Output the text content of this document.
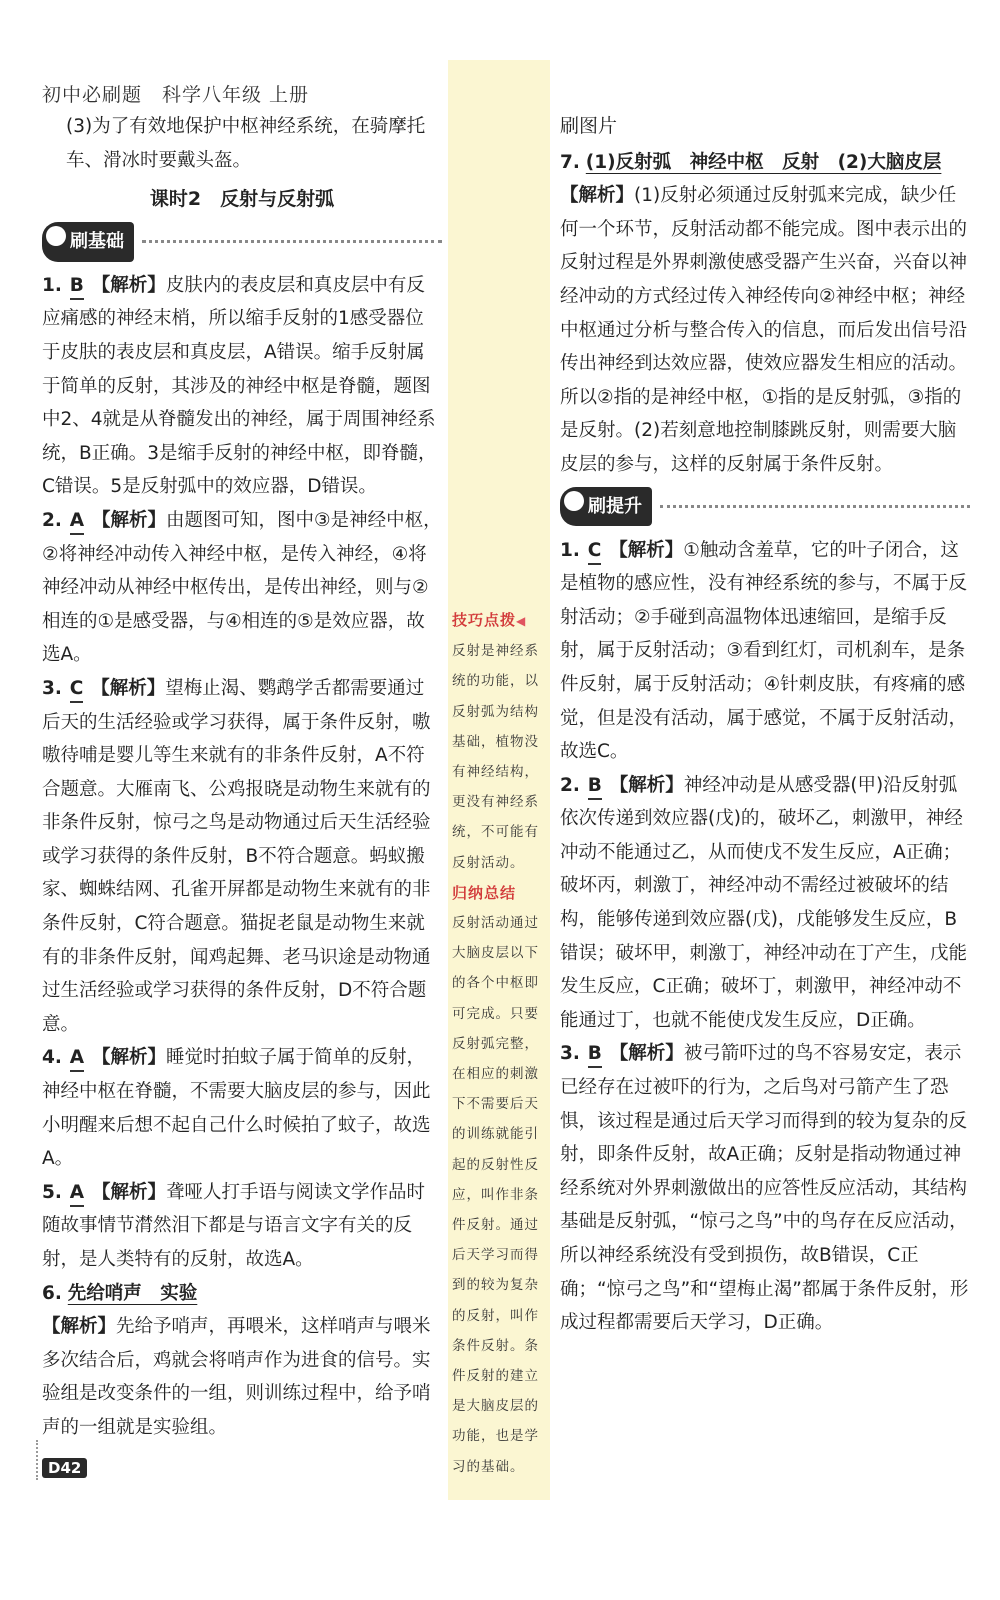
初中必刷题　科学八年级 上册

(3)为了有效地保护中枢神经系统，在骑摩托车、滑冰时要戴头盔。

课时2　反射与反射弧
刷基础

1. B 【解析】皮肤内的表皮层和真皮层中有反应痛感的神经末梢，所以缩手反射的1感受器位于皮肤的表皮层和真皮层，A错误。缩手反射属于简单的反射，其涉及的神经中枢是脊髓，题图中2、4就是从脊髓发出的神经，属于周围神经系统，B正确。3是缩手反射的神经中枢，即脊髓，C错误。5是反射弧中的效应器，D错误。

2. A 【解析】由题图可知，图中③是神经中枢，②将神经冲动传入神经中枢，是传入神经，④将神经冲动从神经中枢传出，是传出神经，则与②相连的①是感受器，与④相连的⑤是效应器，故选A。

3. C 【解析】望梅止渴、鹦鹉学舌都需要通过后天的生活经验或学习获得，属于条件反射，嗷嗷待哺是婴儿等生来就有的非条件反射，A不符合题意。大雁南飞、公鸡报晓是动物生来就有的非条件反射，惊弓之鸟是动物通过后天生活经验或学习获得的条件反射，B不符合题意。蚂蚁搬家、蜘蛛结网、孔雀开屏都是动物生来就有的非条件反射，C符合题意。猫捉老鼠是动物生来就有的非条件反射，闻鸡起舞、老马识途是动物通过生活经验或学习获得的条件反射，D不符合题意。

4. A 【解析】睡觉时拍蚊子属于简单的反射，神经中枢在脊髓，不需要大脑皮层的参与，因此小明醒来后想不起自己什么时候拍了蚊子，故选A。

5. A 【解析】聋哑人打手语与阅读文学作品时随故事情节潸然泪下都是与语言文字有关的反射，是人类特有的反射，故选A。

6. 先给哨声　实验

【解析】先给予哨声，再喂米，这样哨声与喂米多次结合后，鸡就会将哨声作为进食的信号。实验组是改变条件的一组，则训练过程中，给予哨声的一组就是实验组。

技巧点拨◀
反射是神经系统的功能，以反射弧为结构基础，植物没有神经结构，更没有神经系统，不可能有反射活动。
归纳总结
反射活动通过大脑皮层以下的各个中枢即可完成。只要反射弧完整，在相应的刺激下不需要后天的训练就能引起的反射性反应，叫作非条件反射。通过后天学习而得到的较为复杂的反射，叫作条件反射。条件反射的建立是大脑皮层的功能，也是学习的基础。

刷图片

7. (1)反射弧　神经中枢　反射　(2)大脑皮层

【解析】(1)反射必须通过反射弧来完成，缺少任何一个环节，反射活动都不能完成。图中表示出的反射过程是外界刺激使感受器产生兴奋，兴奋以神经冲动的方式经过传入神经传向②神经中枢；神经中枢通过分析与整合传入的信息，而后发出信号沿传出神经到达效应器，使效应器发生相应的活动。所以②指的是神经中枢，①指的是反射弧，③指的是反射。(2)若刻意地控制膝跳反射，则需要大脑皮层的参与，这样的反射属于条件反射。

刷提升

1. C 【解析】①触动含羞草，它的叶子闭合，这是植物的感应性，没有神经系统的参与，不属于反射活动；②手碰到高温物体迅速缩回，是缩手反射，属于反射活动；③看到红灯，司机刹车，是条件反射，属于反射活动；④针刺皮肤，有疼痛的感觉，但是没有活动，属于感觉，不属于反射活动，故选C。

2. B 【解析】神经冲动是从感受器(甲)沿反射弧依次传递到效应器(戊)的，破坏乙，刺激甲，神经冲动不能通过乙，从而使戊不发生反应，A正确；破坏丙，刺激丁，神经冲动不需经过被破坏的结构，能够传递到效应器(戊)，戊能够发生反应，B错误；破坏甲，刺激丁，神经冲动在丁产生，戊能发生反应，C正确；破坏丁，刺激甲，神经冲动不能通过丁，也就不能使戊发生反应，D正确。

3. B 【解析】被弓箭吓过的鸟不容易安定，表示已经存在过被吓的行为，之后鸟对弓箭产生了恐惧，该过程是通过后天学习而得到的较为复杂的反射，即条件反射，故A正确；反射是指动物通过神经系统对外界刺激做出的应答性反应活动，其结构基础是反射弧，“惊弓之鸟”中的鸟存在反应活动，所以神经系统没有受到损伤，故B错误，C正确；“惊弓之鸟”和“望梅止渴”都属于条件反射，形成过程都需要后天学习，D正确。

D42
